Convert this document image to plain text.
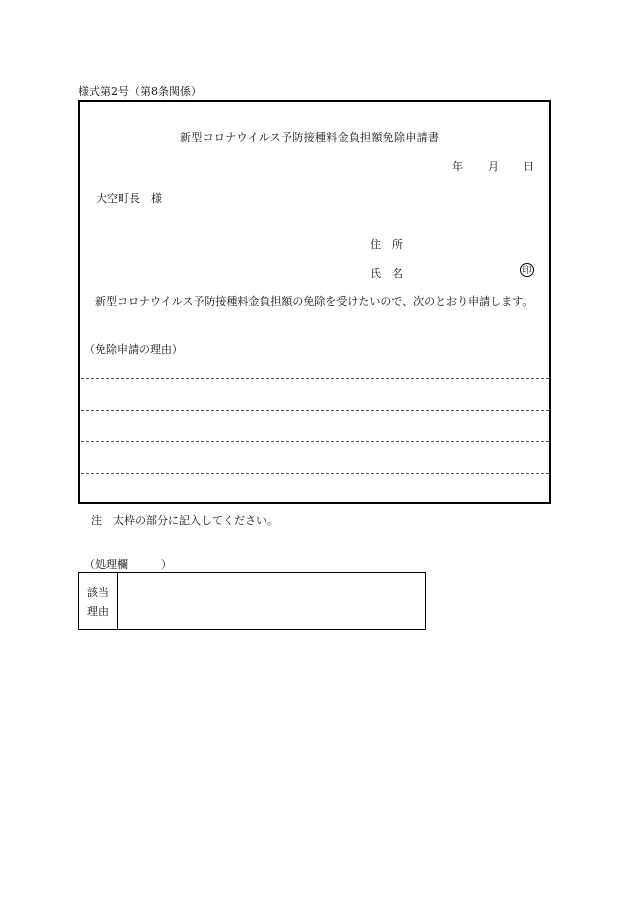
様式第2号（第8条関係）
新型コロナウイルス予防接種料金負担額免除申請書
年 月 日
大空町長　様
住　所
氏　名	印
新型コロナウイルス予防接種料金負担額の免除を受けたいので、次のとおり申請します。
（免除申請の理由）
注　太枠の部分に記入してください。
（処理欄　　　）
該当理由
